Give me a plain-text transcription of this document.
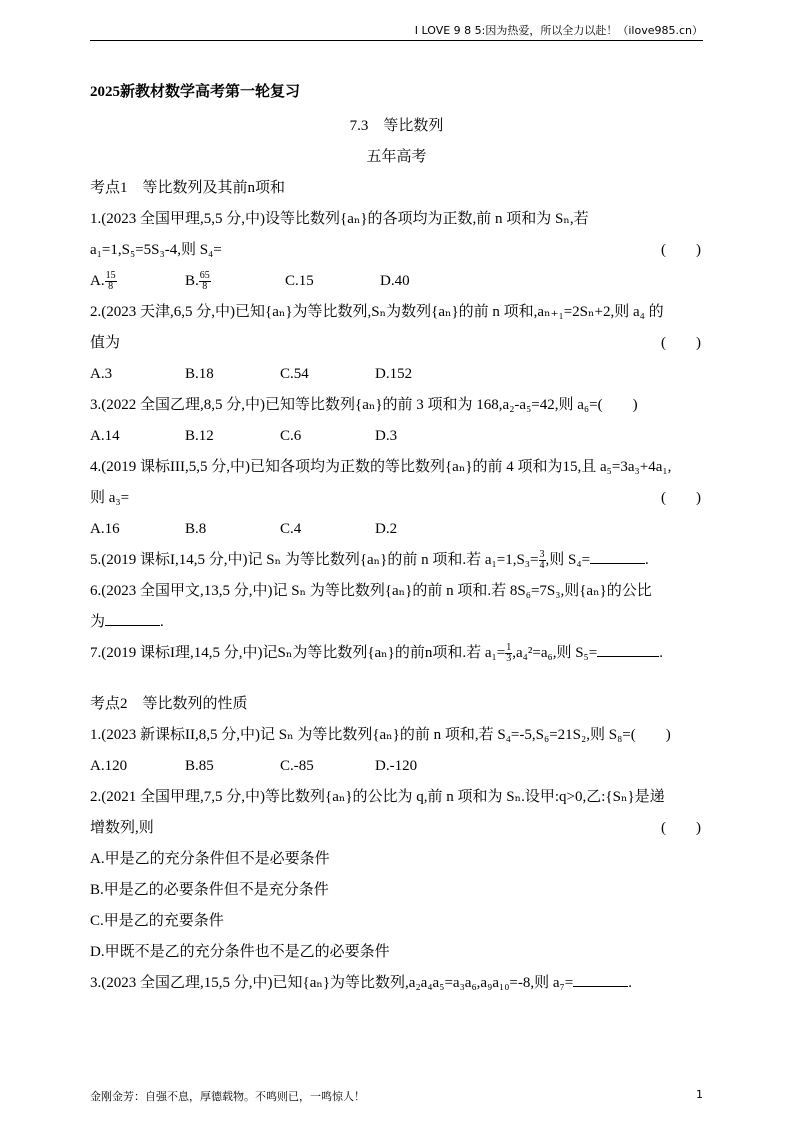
I LOVE 9 8 5:因为热爱，所以全力以赴！（ilove985.cn）
2025新教材数学高考第一轮复习
7.3　等比数列
五年高考
考点1　等比数列及其前n项和
1.(2023 全国甲理,5,5 分,中)设等比数列{aₙ}的各项均为正数,前 n 项和为 Sₙ,若
a₁=1,S₅=5S₃-4,则 S₄=	(　　)
A. $\frac{15}{8}$	B. $\frac{65}{8}$	C.15	D.40
2.(2023 天津,6,5 分,中)已知{aₙ}为等比数列,Sₙ为数列{aₙ}的前 n 项和,aₙ₊₁=2Sₙ+2,则 a₄ 的
值为	(　　)
A.3	B.18	C.54	D.152
3.(2022 全国乙理,8,5 分,中)已知等比数列{aₙ}的前 3 项和为 168,a₂-a₅=42,则 a₆=(　　)
A.14	B.12	C.6	D.3
4.(2019 课标III,5,5 分,中)已知各项均为正数的等比数列{aₙ}的前 4 项和为15,且 a₅=3a₃+4a₁,
则 a₃=	(　　)
A.16	B.8	C.4	D.2
5.(2019 课标I,14,5 分,中)记 Sₙ 为等比数列{aₙ}的前 n 项和.若 $a_1=1,S_3= \frac{3}{4}$ ,则 S₄=	.
6.(2023 全国甲文,13,5 分,中)记 Sₙ 为等比数列{aₙ}的前 n 项和.若 8S₆=7S₃,则{aₙ}的公比
为	.
7.(2019 课标I理,14,5 分,中)记Sₙ为等比数列{aₙ}的前n项和.若 $a_1= \frac{1}{3} ,a_4^2=a_6$,则 S₅=	.
考点2　等比数列的性质
1.(2023 新课标II,8,5 分,中)记 Sₙ 为等比数列{aₙ}的前 n 项和,若 S₄=-5,S₆=21S₂,则 S₈=(　　)
A.120	B.85	C.-85	D.-120
2.(2021 全国甲理,7,5 分,中)等比数列{aₙ}的公比为 q,前 n 项和为 Sₙ.设甲:q>0,乙:{Sₙ}是递
增数列,则	(　　)
A.甲是乙的充分条件但不是必要条件
B.甲是乙的必要条件但不是充分条件
C.甲是乙的充要条件
D.甲既不是乙的充分条件也不是乙的必要条件
3.(2023 全国乙理,15,5 分,中)已知{aₙ}为等比数列,a₂a₄a₅=a₃a₆,a₉a₁₀=-8,则 a₇=	.
金刚金芳：自强不息，厚德载物。不鸣则已，一鸣惊人！	1
